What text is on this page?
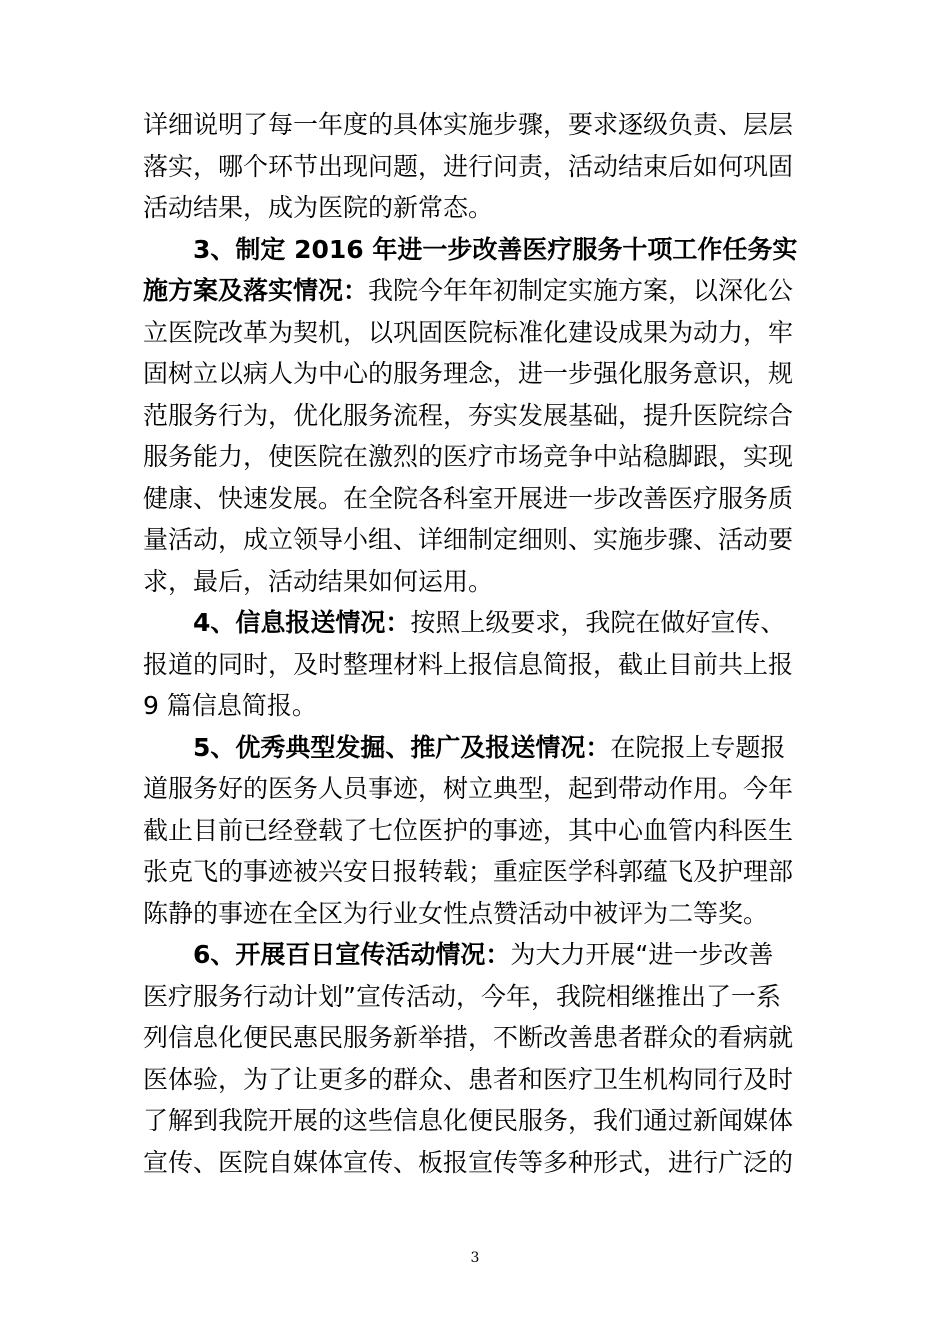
详细说明了每一年度的具体实施步骤，要求逐级负责、层层
落实，哪个环节出现问题，进行问责，活动结束后如何巩固
活动结果，成为医院的新常态。
3、制定 2016 年进一步改善医疗服务十项工作任务实
施方案及落实情况：我院今年年初制定实施方案，以深化公
立医院改革为契机，以巩固医院标准化建设成果为动力，牢
固树立以病人为中心的服务理念，进一步强化服务意识，规
范服务行为，优化服务流程，夯实发展基础，提升医院综合
服务能力，使医院在激烈的医疗市场竞争中站稳脚跟，实现
健康、快速发展。在全院各科室开展进一步改善医疗服务质
量活动，成立领导小组、详细制定细则、实施步骤、活动要
求，最后，活动结果如何运用。
4、信息报送情况：按照上级要求，我院在做好宣传、
报道的同时，及时整理材料上报信息简报，截止目前共上报
9 篇信息简报。
5、优秀典型发掘、推广及报送情况：在院报上专题报
道服务好的医务人员事迹，树立典型，起到带动作用。今年
截止目前已经登载了七位医护的事迹，其中心血管内科医生
张克飞的事迹被兴安日报转载；重症医学科郭蕴飞及护理部
陈静的事迹在全区为行业女性点赞活动中被评为二等奖。
6、开展百日宣传活动情况：为大力开展“进一步改善
医疗服务行动计划”宣传活动，今年，我院相继推出了一系
列信息化便民惠民服务新举措，不断改善患者群众的看病就
医体验，为了让更多的群众、患者和医疗卫生机构同行及时
了解到我院开展的这些信息化便民服务，我们通过新闻媒体
宣传、医院自媒体宣传、板报宣传等多种形式，进行广泛的
3
